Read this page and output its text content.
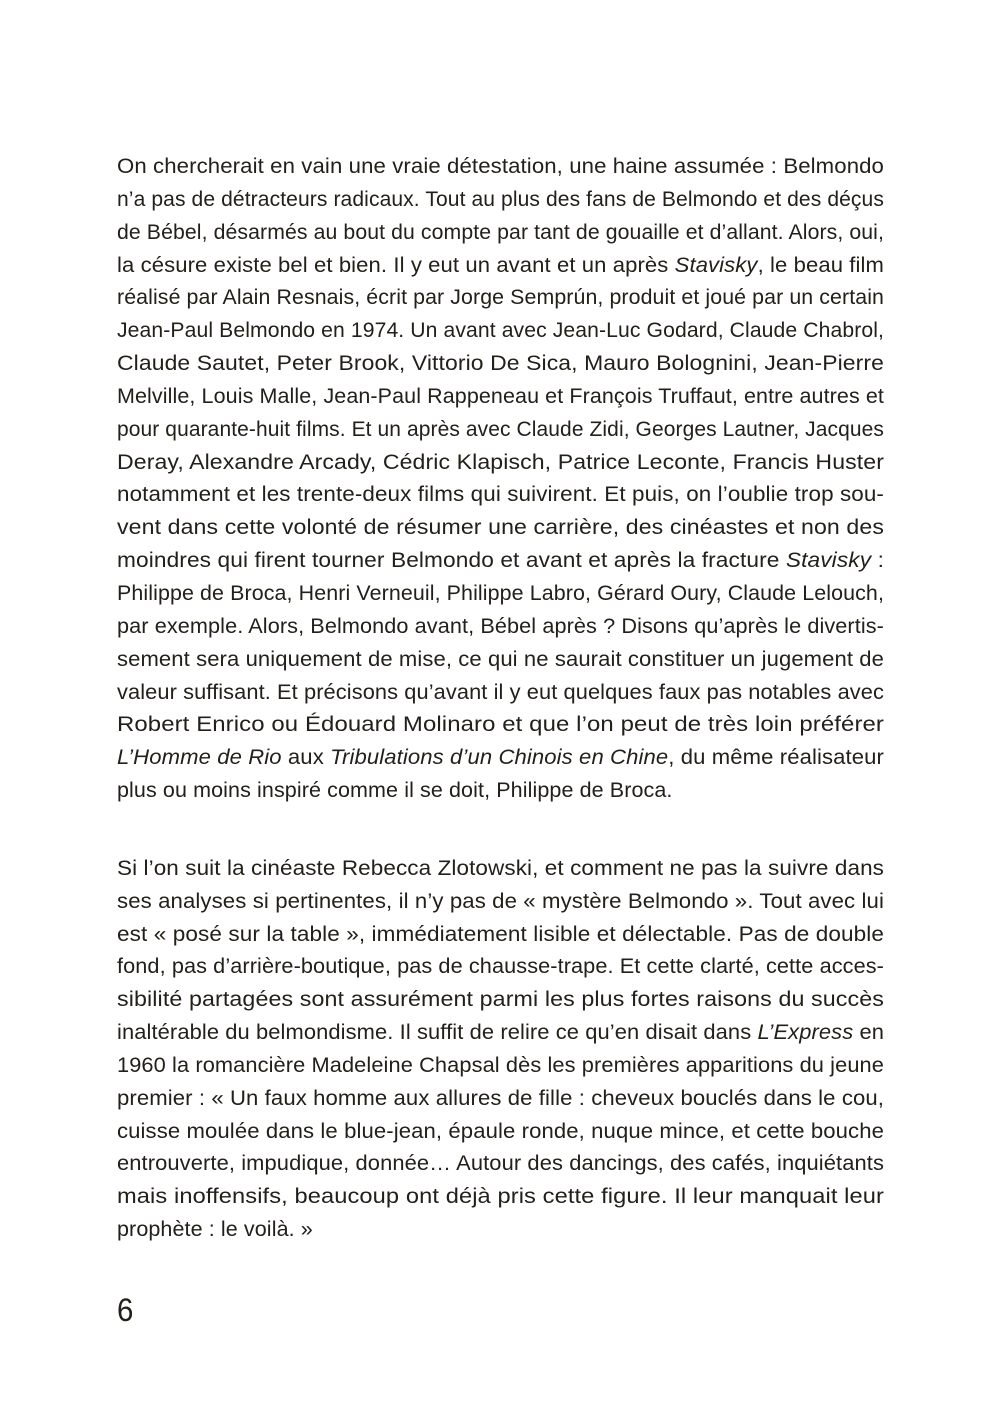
On chercherait en vain une vraie détestation, une haine assumée : Belmondo
n’a pas de détracteurs radicaux. Tout au plus des fans de Belmondo et des déçus
de Bébel, désarmés au bout du compte par tant de gouaille et d’allant. Alors, oui,
la césure existe bel et bien. Il y eut un avant et un après Stavisky, le beau film
réalisé par Alain Resnais, écrit par Jorge Semprún, produit et joué par un certain
Jean-Paul Belmondo en 1974. Un avant avec Jean-Luc Godard, Claude Chabrol,
Claude Sautet, Peter Brook, Vittorio De Sica, Mauro Bolognini, Jean-Pierre
Melville, Louis Malle, Jean-Paul Rappeneau et François Truffaut, entre autres et
pour quarante-huit films. Et un après avec Claude Zidi, Georges Lautner, Jacques
Deray, Alexandre Arcady, Cédric Klapisch, Patrice Leconte, Francis Huster
notamment et les trente-deux films qui suivirent. Et puis, on l’oublie trop sou-
vent dans cette volonté de résumer une carrière, des cinéastes et non des
moindres qui firent tourner Belmondo et avant et après la fracture Stavisky :
Philippe de Broca, Henri Verneuil, Philippe Labro, Gérard Oury, Claude Lelouch,
par exemple. Alors, Belmondo avant, Bébel après ? Disons qu’après le divertis-
sement sera uniquement de mise, ce qui ne saurait constituer un jugement de
valeur suffisant. Et précisons qu’avant il y eut quelques faux pas notables avec
Robert Enrico ou Édouard Molinaro et que l’on peut de très loin préférer
L’Homme de Rio aux Tribulations d’un Chinois en Chine, du même réalisateur
plus ou moins inspiré comme il se doit, Philippe de Broca.
Si l’on suit la cinéaste Rebecca Zlotowski, et comment ne pas la suivre dans
ses analyses si pertinentes, il n’y pas de « mystère Belmondo ». Tout avec lui
est « posé sur la table », immédiatement lisible et délectable. Pas de double
fond, pas d’arrière-boutique, pas de chausse-trape. Et cette clarté, cette acces-
sibilité partagées sont assurément parmi les plus fortes raisons du succès
inaltérable du belmondisme. Il suffit de relire ce qu’en disait dans L’Express en
1960 la romancière Madeleine Chapsal dès les premières apparitions du jeune
premier : « Un faux homme aux allures de fille : cheveux bouclés dans le cou,
cuisse moulée dans le blue-jean, épaule ronde, nuque mince, et cette bouche
entrouverte, impudique, donnée… Autour des dancings, des cafés, inquiétants
mais inoffensifs, beaucoup ont déjà pris cette figure. Il leur manquait leur
prophète : le voilà. »
6
